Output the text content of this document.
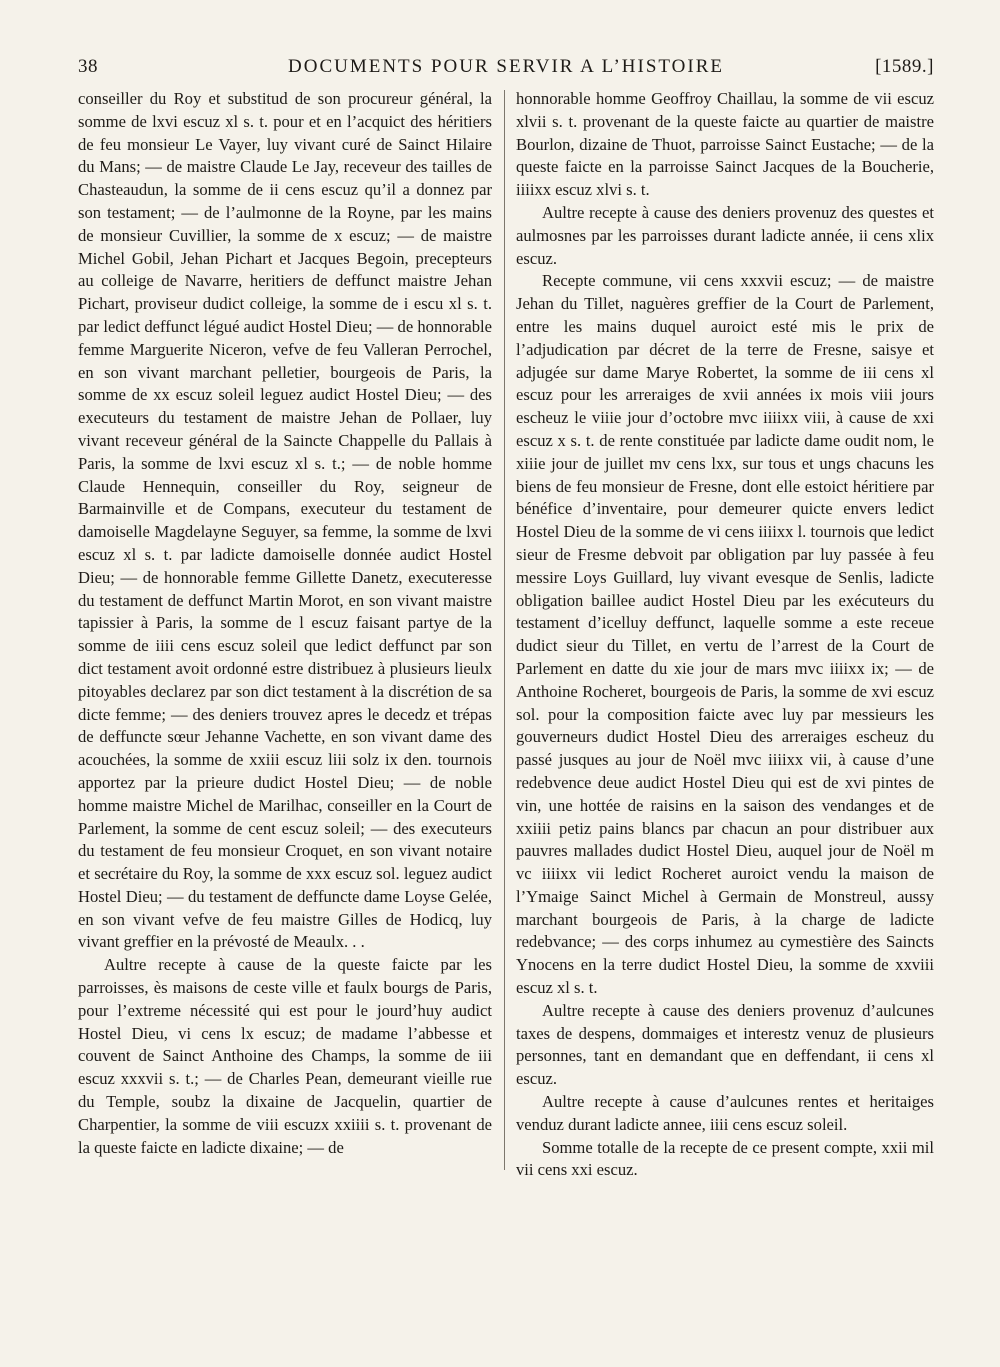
38	DOCUMENTS POUR SERVIR A L’HISTOIRE	[1589.]

conseiller du Roy et substitud de son procureur général, la somme de lxvi escuz xl s. t. pour et en l’acquict des héritiers de feu monsieur Le Vayer, luy vivant curé de Sainct Hilaire du Mans; — de maistre Claude Le Jay, receveur des tailles de Chasteaudun, la somme de ii cens escuz qu’il a donnez par son testament; — de l’aulmonne de la Royne, par les mains de monsieur Cuvillier, la somme de x escuz; — de maistre Michel Gobil, Jehan Pichart et Jacques Begoin, precepteurs au colleige de Navarre, heritiers de deffunct maistre Jehan Pichart, proviseur dudict colleige, la somme de i escu xl s. t. par ledict deffunct légué audict Hostel Dieu; — de honnorable femme Marguerite Niceron, vefve de feu Valleran Perrochel, en son vivant marchant pelletier, bourgeois de Paris, la somme de xx escuz soleil leguez audict Hostel Dieu; — des executeurs du testament de maistre Jehan de Pollaer, luy vivant receveur général de la Saincte Chappelle du Pallais à Paris, la somme de lxvi escuz xl s. t.; — de noble homme Claude Hennequin, conseiller du Roy, seigneur de Barmainville et de Compans, executeur du testament de damoiselle Magdelayne Seguyer, sa femme, la somme de lxvi escuz xl s. t. par ladicte damoiselle donnée audict Hostel Dieu; — de honnorable femme Gillette Danetz, executeresse du testament de deffunct Martin Morot, en son vivant maistre tapissier à Paris, la somme de l escuz faisant partye de la somme de iiii cens escuz soleil que ledict deffunct par son dict testament avoit ordonné estre distribuez à plusieurs lieulx pitoyables declarez par son dict testament à la discrétion de sa dicte femme; — des deniers trouvez apres le decedz et trépas de deffuncte sœur Jehanne Vachette, en son vivant dame des acouchées, la somme de xxiii escuz liii solz ix den. tournois apportez par la prieure dudict Hostel Dieu; — de noble homme maistre Michel de Marilhac, conseiller en la Court de Parlement, la somme de cent escuz soleil; — des executeurs du testament de feu monsieur Croquet, en son vivant notaire et secrétaire du Roy, la somme de xxx escuz sol. leguez audict Hostel Dieu; — du testament de deffuncte dame Loyse Gelée, en son vivant vefve de feu maistre Gilles de Hodicq, luy vivant greffier en la prévosté de Meaulx. . .

Aultre recepte à cause de la queste faicte par les parroisses, ès maisons de ceste ville et faulx bourgs de Paris, pour l’extreme nécessité qui est pour le jourd’huy audict Hostel Dieu, vi cens lx escuz; de madame l’abbesse et couvent de Sainct Anthoine des Champs, la somme de iii escuz xxxvii s. t.; — de Charles Pean, demeurant vieille rue du Temple, soubz la dixaine de Jacquelin, quartier de Charpentier, la somme de viii escuzx xxiiii s. t. provenant de la queste faicte en ladicte dixaine; — de

honnorable homme Geoffroy Chaillau, la somme de vii escuz xlvii s. t. provenant de la queste faicte au quartier de maistre Bourlon, dizaine de Thuot, parroisse Sainct Eustache; — de la queste faicte en la parroisse Sainct Jacques de la Boucherie, iiiixx escuz xlvi s. t.

Aultre recepte à cause des deniers provenuz des questes et aulmosnes par les parroisses durant ladicte année, ii cens xlix escuz.

Recepte commune, vii cens xxxvii escuz; — de maistre Jehan du Tillet, naguères greffier de la Court de Parlement, entre les mains duquel auroict esté mis le prix de l’adjudication par décret de la terre de Fresne, saisye et adjugée sur dame Marye Robertet, la somme de iii cens xl escuz pour les arreraiges de xvii années ix mois viii jours escheuz le viiie jour d’octobre mvc iiiixx viii, à cause de xxi escuz x s. t. de rente constituée par ladicte dame oudit nom, le xiiie jour de juillet mv cens lxx, sur tous et ungs chacuns les biens de feu monsieur de Fresne, dont elle estoict héritiere par bénéfice d’inventaire, pour demeurer quicte envers ledict Hostel Dieu de la somme de vi cens iiiixx l. tournois que ledict sieur de Fresme debvoit par obligation par luy passée à feu messire Loys Guillard, luy vivant evesque de Senlis, ladicte obligation baillee audict Hostel Dieu par les exécuteurs du testament d’icelluy deffunct, laquelle somme a este receue dudict sieur du Tillet, en vertu de l’arrest de la Court de Parlement en datte du xie jour de mars mvc iiiixx ix; — de Anthoine Rocheret, bourgeois de Paris, la somme de xvi escuz sol. pour la composition faicte avec luy par messieurs les gouverneurs dudict Hostel Dieu des arreraiges escheuz du passé jusques au jour de Noël mvc iiiixx vii, à cause d’une redebvence deue audict Hostel Dieu qui est de xvi pintes de vin, une hottée de raisins en la saison des vendanges et de xxiiii petiz pains blancs par chacun an pour distribuer aux pauvres mallades dudict Hostel Dieu, auquel jour de Noël m vc iiiixx vii ledict Rocheret auroict vendu la maison de l’Ymaige Sainct Michel à Germain de Monstreul, aussy marchant bourgeois de Paris, à la charge de ladicte redebvance; — des corps inhumez au cymestière des Saincts Ynocens en la terre dudict Hostel Dieu, la somme de xxviii escuz xl s. t.

Aultre recepte à cause des deniers provenuz d’aulcunes taxes de despens, dommaiges et interestz venuz de plusieurs personnes, tant en demandant que en deffendant, ii cens xl escuz.

Aultre recepte à cause d’aulcunes rentes et heritaiges venduz durant ladicte annee, iiii cens escuz soleil.

Somme totalle de la recepte de ce present compte, xxii mil vii cens xxi escuz.
